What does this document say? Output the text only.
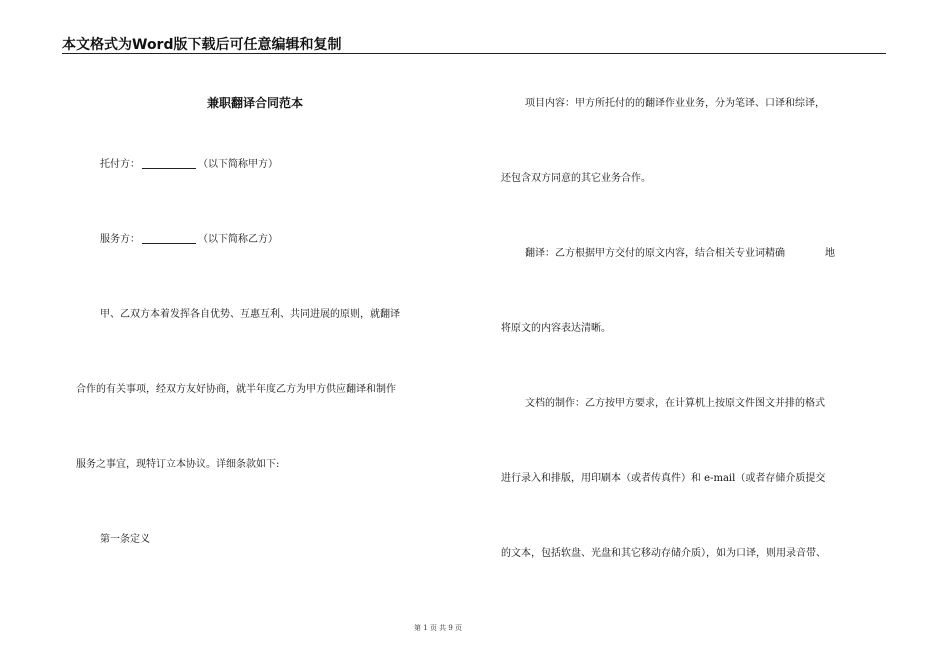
本文格式为Word版下载后可任意编辑和复制
兼职翻译合同范本
托付方：	（以下简称甲方）
服务方：	（以下简称乙方）
甲、乙双方本着发挥各自优势、互惠互利、共同进展的原则，就翻译
合作的有关事项，经双方友好协商，就半年度乙方为甲方供应翻译和制作
服务之事宜，现特订立本协议。详细条款如下:
第一条定义
项目内容：甲方所托付的的翻译作业业务，分为笔译、口译和综译，
还包含双方同意的其它业务合作。
翻译：乙方根据甲方交付的原文内容，结合相关专业词精确	地
将原文的内容表达清晰。
文档的制作：乙方按甲方要求，在计算机上按原文件图文并排的格式
进行录入和排版，用印刷本（或者传真件）和 e-mail（或者存储介质提交
的文本，包括软盘、光盘和其它移动存储介质），如为口译，则用录音带、
第 1 页 共 9 页
